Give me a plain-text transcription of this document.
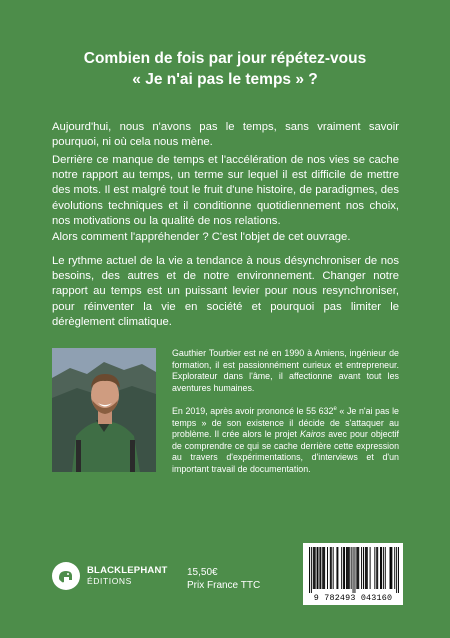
Combien de fois par jour répétez-vous
« Je n'ai pas le temps » ?

Aujourd'hui, nous n'avons pas le temps, sans vraiment savoir pourquoi, ni où cela nous mène.

Derrière ce manque de temps et l'accélération de nos vies se cache notre rapport au temps, un terme sur lequel il est difficile de mettre des mots. Il est malgré tout le fruit d'une histoire, de paradigmes, des évolutions techniques et il conditionne quotidiennement nos choix, nos motivations ou la qualité de nos relations.

Alors comment l'appréhender ? C'est l'objet de cet ouvrage.

Le rythme actuel de la vie a tendance à nous désynchroniser de nos besoins, des autres et de notre environnement. Changer notre rapport au temps est un puissant levier pour nous resynchroniser, pour réinventer la vie en société et pourquoi pas limiter le dérèglement climatique.

Gauthier Tourbier est né en 1990 à Amiens, ingénieur de formation, il est passionnément curieux et entrepreneur. Explorateur dans l'âme, il affectionne avant tout les aventures humaines.

En 2019, après avoir prononcé le 55 632e « Je n'ai pas le temps » de son existence il décide de s'attaquer au problème. Il crée alors le projet Kairos avec pour objectif de comprendre ce qui se cache derrière cette expression au travers d'expérimentations, d'interviews et d'un important travail de documentation.

BLACKLEPHANT
ÉDITIONS
15,50€
Prix France TTC
9 782493 043160
